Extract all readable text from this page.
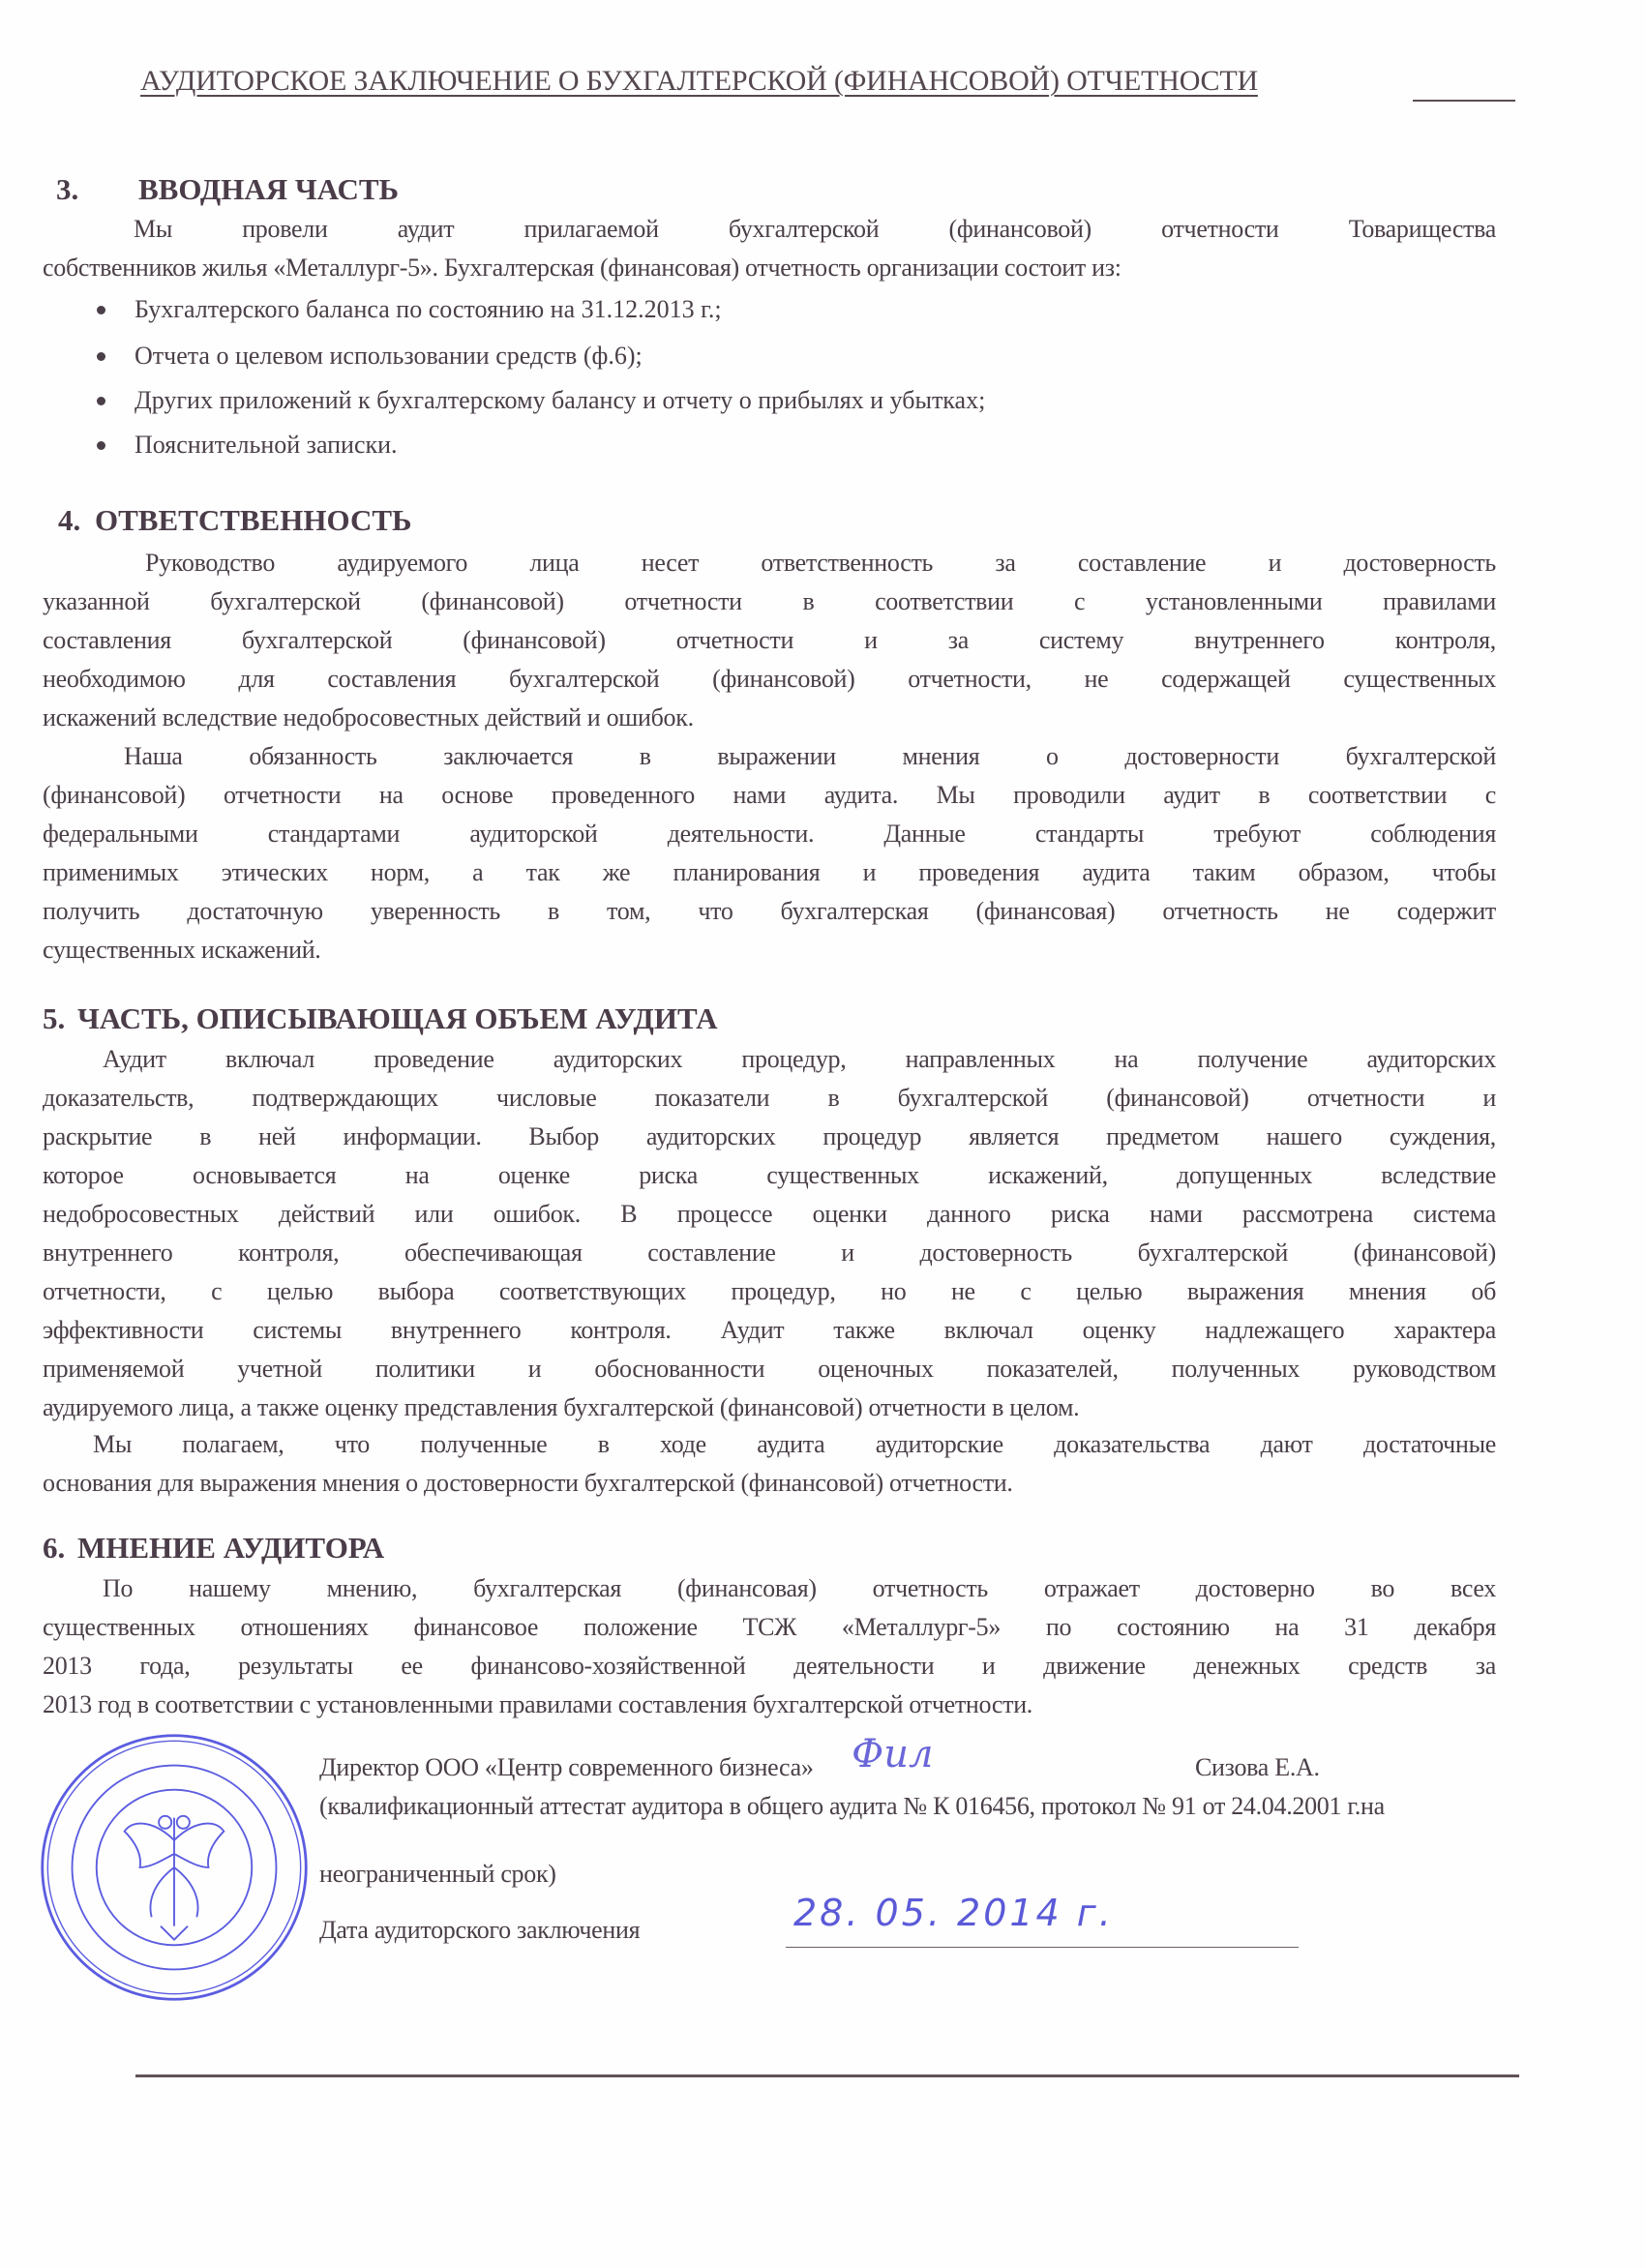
АУДИТОРСКОЕ ЗАКЛЮЧЕНИЕ О БУХГАЛТЕРСКОЙ (ФИНАНСОВОЙ) ОТЧЕТНОСТИ
3. ВВОДНАЯ ЧАСТЬ
Мы провели аудит прилагаемой бухгалтерской (финансовой) отчетности Товарищества
собственников жилья «Металлург-5». Бухгалтерская (финансовая) отчетность организации состоит из:
Бухгалтерского баланса по состоянию на 31.12.2013 г.;
Отчета о целевом использовании средств (ф.6);
Других приложений к бухгалтерскому балансу и отчету о прибылях и убытках;
Пояснительной записки.
4. ОТВЕТСТВЕННОСТЬ
Руководство аудируемого лица несет ответственность за составление и достоверность
указанной бухгалтерской (финансовой) отчетности в соответствии с установленными правилами
составления бухгалтерской (финансовой) отчетности и за систему внутреннего контроля,
необходимою для составления бухгалтерской (финансовой) отчетности, не содержащей существенных
искажений вследствие недобросовестных действий и ошибок.
Наша обязанность заключается в выражении мнения о достоверности бухгалтерской
(финансовой) отчетности на основе проведенного нами аудита. Мы проводили аудит в соответствии с
федеральными стандартами аудиторской деятельности. Данные стандарты требуют соблюдения
применимых этических норм, а так же планирования и проведения аудита таким образом, чтобы
получить достаточную уверенность в том, что бухгалтерская (финансовая) отчетность не содержит
существенных искажений.
5. ЧАСТЬ, ОПИСЫВАЮЩАЯ ОБЪЕМ АУДИТА
Аудит включал проведение аудиторских процедур, направленных на получение аудиторских
доказательств, подтверждающих числовые показатели в бухгалтерской (финансовой) отчетности и
раскрытие в ней информации. Выбор аудиторских процедур является предметом нашего суждения,
которое основывается на оценке риска существенных искажений, допущенных вследствие
недобросовестных действий или ошибок. В процессе оценки данного риска нами рассмотрена система
внутреннего контроля, обеспечивающая составление и достоверность бухгалтерской (финансовой)
отчетности, с целью выбора соответствующих процедур, но не с целью выражения мнения об
эффективности системы внутреннего контроля. Аудит также включал оценку надлежащего характера
применяемой учетной политики и обоснованности оценочных показателей, полученных руководством
аудируемого лица, а также оценку представления бухгалтерской (финансовой) отчетности в целом.
Мы полагаем, что полученные в ходе аудита аудиторские доказательства дают достаточные
основания для выражения мнения о достоверности бухгалтерской (финансовой) отчетности.
6. МНЕНИЕ АУДИТОРА
По нашему мнению, бухгалтерская (финансовая) отчетность отражает достоверно во всех
существенных отношениях финансовое положение ТСЖ «Металлург-5» по состоянию на 31 декабря
2013 года, результаты ее финансово-хозяйственной деятельности и движение денежных средств за
2013 год в соответствии с установленными правилами составления бухгалтерской отчетности.
Директор ООО «Центр современного бизнеса» Фил	Сизова Е.А.
(квалификационный аттестат аудитора в общего аудита № К 016456, протокол № 91 от 24.04.2001 г.на
неограниченный срок)
Дата аудиторского заключения	28. 05. 2014 г.
